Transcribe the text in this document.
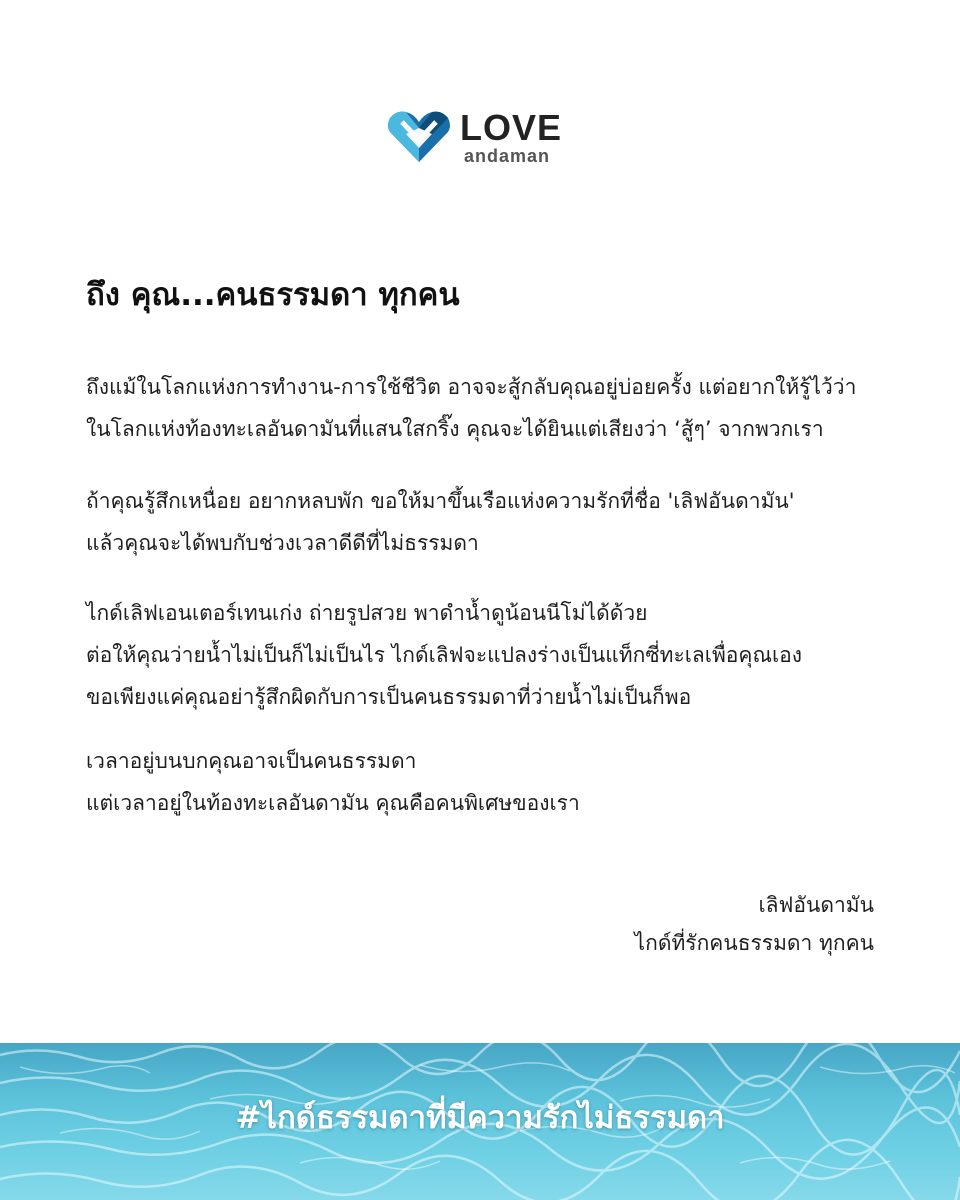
LOVE
andaman
ถึง คุณ...คนธรรมดา ทุกคน
ถึงแม้ในโลกแห่งการทำงาน-การใช้ชีวิต อาจจะสู้กลับคุณอยู่บ่อยครั้ง แต่อยากให้รู้ไว้ว่า
ในโลกแห่งท้องทะเลอันดามันที่แสนใสกริ๊ง คุณจะได้ยินแต่เสียงว่า ‘สู้ๆ’ จากพวกเรา
ถ้าคุณรู้สึกเหนื่อย อยากหลบพัก ขอให้มาขึ้นเรือแห่งความรักที่ชื่อ 'เลิฟอันดามัน'
แล้วคุณจะได้พบกับช่วงเวลาดีดีที่ไม่ธรรมดา
ไกด์เลิฟเอนเตอร์เทนเก่ง ถ่ายรูปสวย พาดำน้ำดูน้อนนีโม่ได้ด้วย
ต่อให้คุณว่ายน้ำไม่เป็นก็ไม่เป็นไร ไกด์เลิฟจะแปลงร่างเป็นแท็กซี่ทะเลเพื่อคุณเอง
ขอเพียงแค่คุณอย่ารู้สึกผิดกับการเป็นคนธรรมดาที่ว่ายน้ำไม่เป็นก็พอ
เวลาอยู่บนบกคุณอาจเป็นคนธรรมดา
แต่เวลาอยู่ในท้องทะเลอันดามัน คุณคือคนพิเศษของเรา
เลิฟอันดามัน
ไกด์ที่รักคนธรรมดา ทุกคน
#ไกด์ธรรมดาที่มีความรักไม่ธรรมดา
